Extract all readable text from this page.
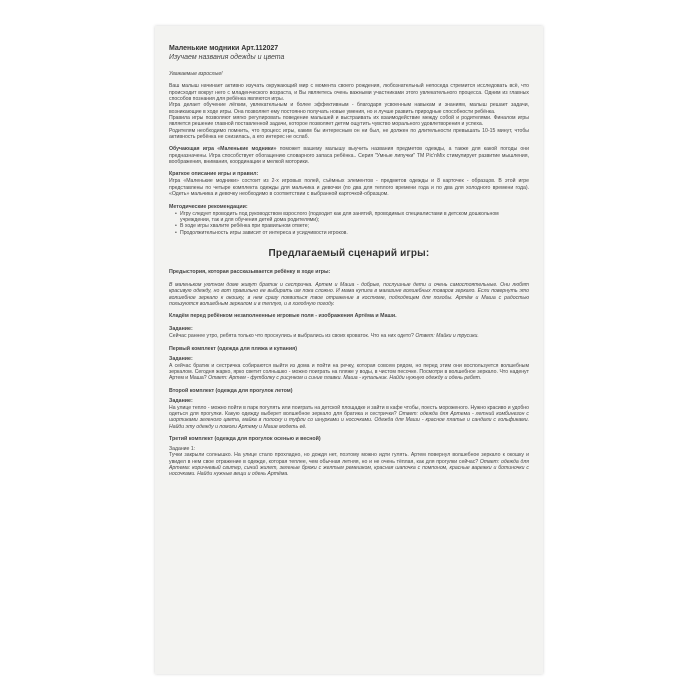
Маленькие модники Арт.112027
Изучаем названия одежды и цвета

Уважаемые взрослые!

Ваш малыш начинает активно изучать окружающий мир с момента своего рождения, любознательный непоседа стремится исследовать всё, что происходит вокруг него с младенческого возраста, и Вы являетесь очень важными участниками этого увлекательного процесса. Одним из главных способов познания для ребёнка являются игры.

Игра делает обучение лёгким, увлекательным и более эффективным - благодаря усвоенным навыкам и знаниям, малыш решает задачи, возникающие в ходе игры. Она позволяет ему постоянно получать новые умения, но и лучше развить природные способности ребёнка.

Правила игры позволяют мягко регулировать поведение малышей и выстраивать их взаимодействие между собой и родителями. Финалом игры является решение главной поставленной задачи, которое позволяет детям ощутить чувство морального удовлетворения и успеха.

Родителям необходимо помнить, что процесс игры, каким бы интересным он ни был, не должен по длительности превышать 10-15 минут, чтобы активность ребёнка не снизилась, а его интерес не ослаб.

Обучающая игра «Маленькие модники» поможет вашему малышу выучить названия предметов одежды, а также для какой погоды они предназначены. Игра способствует обогащению словарного запаса ребёнка.. Серия "Умные липучки" TM Pic'nMix стимулирует развитие мышления, воображения, внимания, координации и мелкой моторики.

Краткое описание игры и правил:

Игра «Маленькие модники» состоит из 2-х игровых полей, съёмных элементов - предметов одежды и 8 карточек - образцов. В этой игре представлены по четыре комплекта одежды для мальчика и девочки (по два для теплого времени года и по два для холодного времени года). «Одеть» мальчика и девочку необходимо в соответствии с выбранной карточкой-образцом.

Методические рекомендации:

• Игру следует проводить под руководством взрослого (подходит как для занятий, проводимых специалистами в детском дошкольном учреждении, так и для обучения детей дома родителями);
• В ходе игры хвалите ребёнка при правильном ответе;
• Продолжительность игры зависит от интереса и усидчивости игроков.
Предлагаемый сценарий игры:

Предыстория, которая рассказывается ребёнку в ходе игры:

В маленьком уютном доме живут братик и сестричка. Артем и Маша - добрые, послушные дети и очень самостоятельные. Они любят красивую одежду, но вот правильно ее выбирать им пока сложно. И мама купила в магазине волшебных товаров зеркало. Если повернуть это волшебное зеркало к окошку, в нем сразу появиться твое отражение в костюме, подходящем для погоды. Артём и Маша с радостью пользуются волшебным зеркалом и в теплую, и в холодную погоду.

Кладём перед ребёнком незаполненные игровые поля - изображения Артёма и Маши.

Задание:

Сейчас раннее утро, ребята только что проснулись и выбрались из своих кроваток. Что на них одето? Ответ: Майки и трусики.

Первый комплект (одежда для пляжа и купания)

Задание:

А сейчас братик и сестричка собираются выйти из дома и пойти на речку, которая совсем рядом, но перед этим они воспользуется волшебным зеркалом. Сегодня жарко, ярко светит солнышко - можно поиграть на пляже у воды, в чистом песочке. Посмотри в волшебное зеркало. Что наденут Артем и Маша? Ответ: Артем - футболку с рисунком и синие плавки. Маша - купальник. Найди нужную одежду и одень ребят.

Второй комплект (одежда для прогулок летом)

Задание:

На улице тепло - можно пойти в парк погулять или поиграть на детской площадке и зайти в кафе чтобы, поесть мороженого. Нужно красиво и удобно одеться для прогулки. Какую одежду выберет волшебное зеркало для братика и сестрички? Ответ: одежда для Артема - летний комбинезон с шортиками зеленого цвета, майка в полоску и туфли со шнурками и носочками. Одежда для Маши - красное платье и сандали с гольфиками. Найди эту одежду и помоги Артему и Маше модеть её.

Третий комплект (одежда для прогулок осенью и весной)

Задание 1:

Тучки закрыли солнышко. На улице стало прохладно, но дождя нет, поэтому можно идти гулять. Артем повернул волшебное зеркало к окошку и увидел в нем свое отражение в одежде, которая теплее, чем обычная летняя, но и не очень тёплая, как для прогулки сейчас? Ответ: одежда для Артема: коричневый свитер, синий жилет, зеленые брюки с желтым ремешком, красная шапочка с помпоном, красные варежки и ботиночки с носочками. Найди нужные вещи и одень Артёма.
